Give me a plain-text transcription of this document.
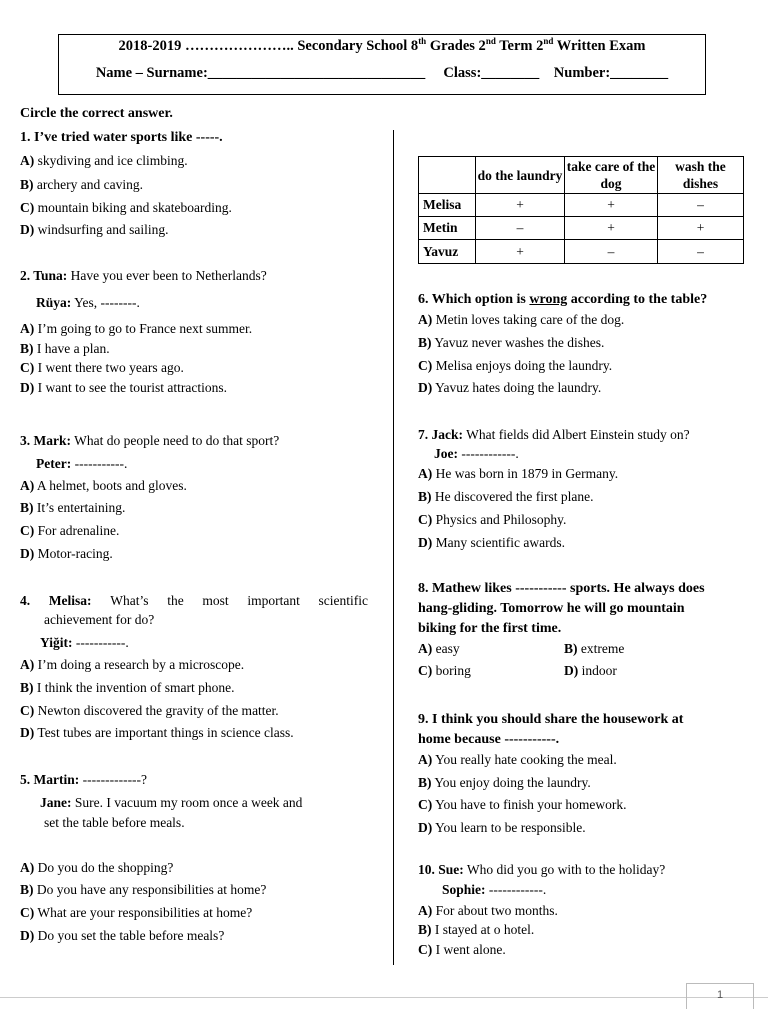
2018-2019 ………………….. Secondary School 8th Grades 2nd Term 2nd Written Exam
Name – Surname:______________________________ Class:________ Number:________
Circle the correct answer.
1. I’ve tried water sports like -----.
A) skydiving and ice climbing.
B) archery and caving.
C) mountain biking and skateboarding.
D) windsurfing and sailing.
2. Tuna: Have you ever been to Netherlands?
Rüya: Yes, --------.
A) I’m going to go to France next summer.
B) I have a plan.
C) I went there two years ago.
D) I want to see the tourist attractions.
3. Mark: What do people need to do that sport?
Peter: -----------.
A) A helmet, boots and gloves.
B) It’s entertaining.
C) For adrenaline.
D) Motor-racing.
4. Melisa: What’s the most important scientific
achievement for do?
Yiğit: -----------.
A) I’m doing a research by a microscope.
B) I think the invention of smart phone.
C) Newton discovered the gravity of the matter.
D) Test tubes are important things in science class.
5. Martin: -------------?
Jane: Sure. I vacuum my room once a week and
set the table before meals.
A) Do you do the shopping?
B) Do you have any responsibilities at home?
C) What are your responsibilities at home?
D) Do you set the table before meals?
	do the laundry	take care of the dog	wash the dishes
Melisa	+	+	–
Metin	–	+	+
Yavuz	+	–	–
6. Which option is wrong according to the table?
A) Metin loves taking care of the dog.
B) Yavuz never washes the dishes.
C) Melisa enjoys doing the laundry.
D) Yavuz hates doing the laundry.
7. Jack: What fields did Albert Einstein study on?
Joe: ------------.
A) He was born in 1879 in Germany.
B) He discovered the first plane.
C) Physics and Philosophy.
D) Many scientific awards.
8. Mathew likes ----------- sports. He always does
hang-gliding. Tomorrow he will go mountain
biking for the first time.
A) easy	B) extreme
C) boring	D) indoor
9. I think you should share the housework at
home because -----------.
A) You really hate cooking the meal.
B) You enjoy doing the laundry.
C) You have to finish your homework.
D) You learn to be responsible.
10. Sue: Who did you go with to the holiday?
Sophie: ------------.
A) For about two months.
B) I stayed at o hotel.
C) I went alone.
1
